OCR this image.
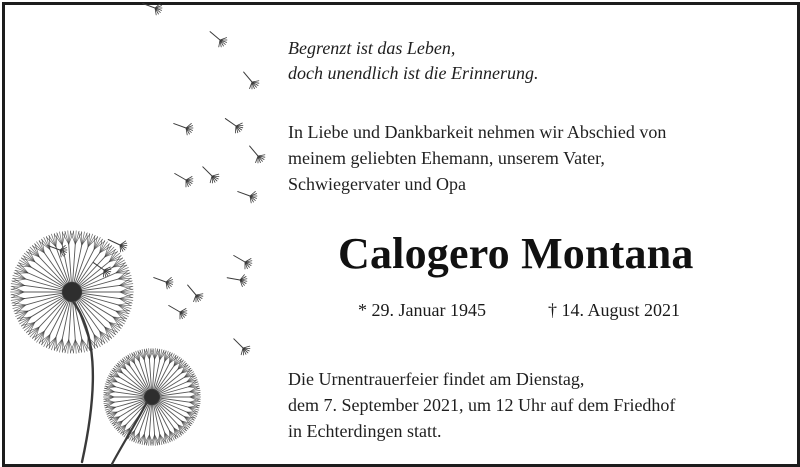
Begrenzt ist das Leben,
doch unendlich ist die Erinnerung.
In Liebe und Dankbarkeit nehmen wir Abschied von
meinem geliebten Ehemann, unserem Vater,
Schwiegervater und Opa
Calogero Montana
* 29. Januar 1945	† 14. August 2021
Die Urnentrauerfeier findet am Dienstag,
dem 7. September 2021, um 12 Uhr auf dem Friedhof
in Echterdingen statt.
